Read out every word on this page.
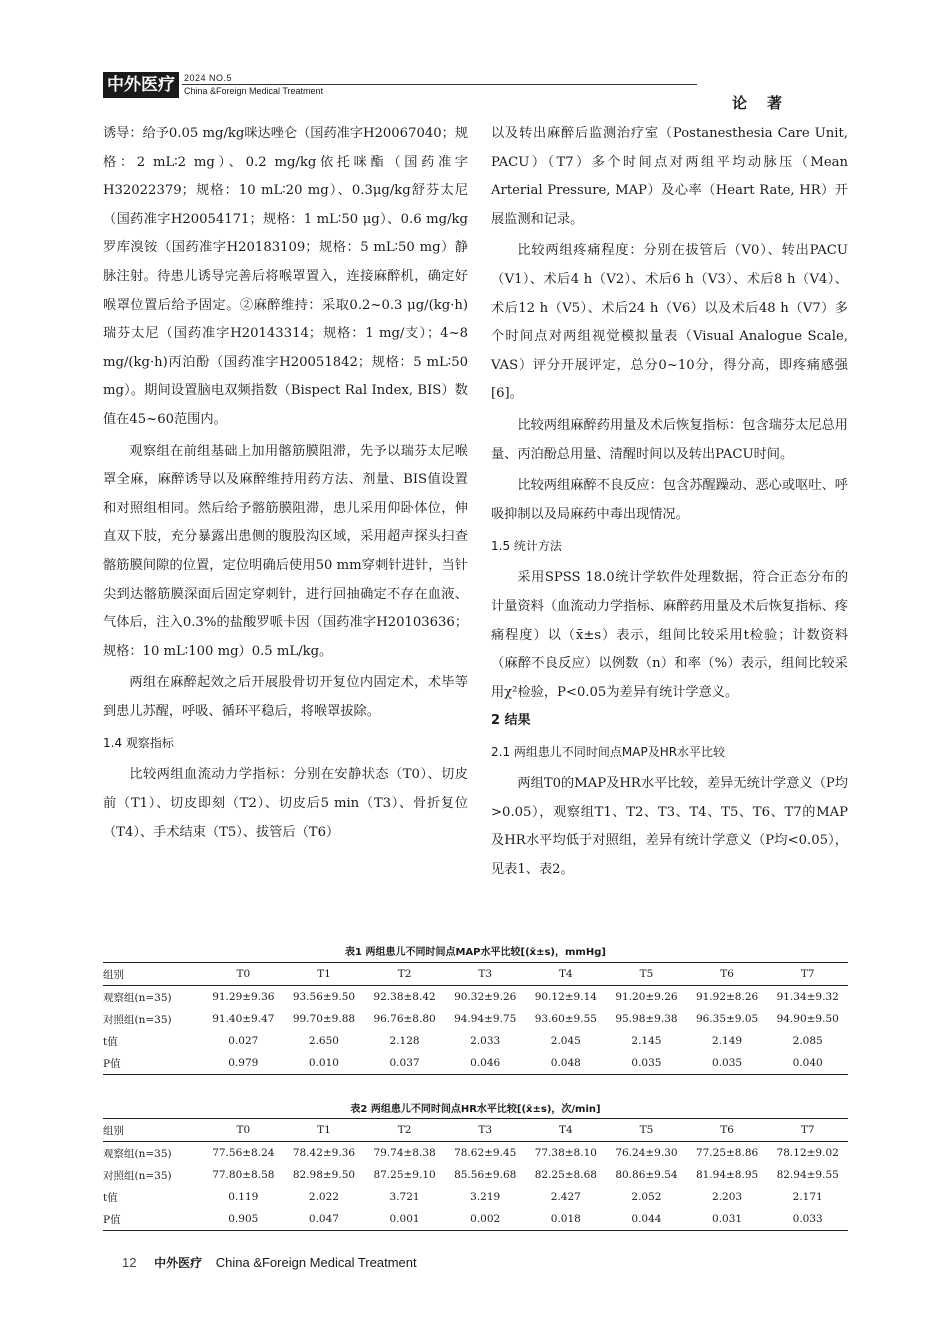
中外医疗	2024 NO.5
China &Foreign Medical Treatment
论著

诱导：给予0.05 mg/kg咪达唑仑（国药准字H20067040；规格：2 mL∶2 mg）、0.2 mg/kg依托咪酯（国药准字H32022379；规格：10 mL∶20 mg）、0.3μg/kg舒芬太尼（国药准字H20054171；规格：1 mL∶50 μg）、0.6 mg/kg罗库溴铵（国药准字H20183109；规格：5 mL∶50 mg）静脉注射。待患儿诱导完善后将喉罩置入，连接麻醉机，确定好喉罩位置后给予固定。②麻醉维持：采取0.2~0.3 μg/(kg·h)瑞芬太尼（国药准字H20143314；规格：1 mg/支）；4~8 mg/(kg·h)丙泊酚（国药准字H20051842；规格：5 mL∶50 mg）。期间设置脑电双频指数（Bispect Ral Index, BIS）数值在45~60范围内。

观察组在前组基础上加用髂筋膜阻滞，先予以瑞芬太尼喉罩全麻，麻醉诱导以及麻醉维持用药方法、剂量、BIS值设置和对照组相同。然后给予髂筋膜阻滞，患儿采用仰卧体位，伸直双下肢，充分暴露出患侧的腹股沟区域，采用超声探头扫查髂筋膜间隙的位置，定位明确后使用50 mm穿刺针进针，当针尖到达髂筋膜深面后固定穿刺针，进行回抽确定不存在血液、气体后，注入0.3%的盐酸罗哌卡因（国药准字H20103636；规格：10 mL∶100 mg）0.5 mL/kg。

两组在麻醉起效之后开展股骨切开复位内固定术，术毕等到患儿苏醒，呼吸、循环平稳后，将喉罩拔除。

1.4 观察指标

比较两组血流动力学指标：分别在安静状态（T0）、切皮前（T1）、切皮即刻（T2）、切皮后5 min（T3）、骨折复位（T4）、手术结束（T5）、拔管后（T6）

以及转出麻醉后监测治疗室（Postanesthesia Care Unit, PACU）（T7）多个时间点对两组平均动脉压（Mean Arterial Pressure, MAP）及心率（Heart Rate, HR）开展监测和记录。

比较两组疼痛程度：分别在拔管后（V0）、转出PACU（V1）、术后4 h（V2）、术后6 h（V3）、术后8 h（V4）、术后12 h（V5）、术后24 h（V6）以及术后48 h（V7）多个时间点对两组视觉模拟量表（Visual Analogue Scale, VAS）评分开展评定，总分0~10分，得分高，即疼痛感强[6]。

比较两组麻醉药用量及术后恢复指标：包含瑞芬太尼总用量、丙泊酚总用量、清醒时间以及转出PACU时间。

比较两组麻醉不良反应：包含苏醒躁动、恶心或呕吐、呼吸抑制以及局麻药中毒出现情况。

1.5 统计方法

采用SPSS 18.0统计学软件处理数据，符合正态分布的计量资料（血流动力学指标、麻醉药用量及术后恢复指标、疼痛程度）以（x̄±s）表示，组间比较采用t检验；计数资料（麻醉不良反应）以例数（n）和率（%）表示，组间比较采用χ²检验，P<0.05为差异有统计学意义。

2 结果
2.1 两组患儿不同时间点MAP及HR水平比较

两组T0的MAP及HR水平比较，差异无统计学意义（P均>0.05），观察组T1、T2、T3、T4、T5、T6、T7的MAP及HR水平均低于对照组，差异有统计学意义（P均<0.05），见表1、表2。

表1 两组患儿不同时间点MAP水平比较[(x̄±s)，mmHg]
组别	T0	T1	T2	T3	T4	T5	T6	T7
观察组(n=35)	91.29±9.36	93.56±9.50	92.38±8.42	90.32±9.26	90.12±9.14	91.20±9.26	91.92±8.26	91.34±9.32
对照组(n=35)	91.40±9.47	99.70±9.88	96.76±8.80	94.94±9.75	93.60±9.55	95.98±9.38	96.35±9.05	94.90±9.50
t值	0.027	2.650	2.128	2.033	2.045	2.145	2.149	2.085
P值	0.979	0.010	0.037	0.046	0.048	0.035	0.035	0.040
表2 两组患儿不同时间点HR水平比较[(x̄±s)，次/min]
组别	T0	T1	T2	T3	T4	T5	T6	T7
观察组(n=35)	77.56±8.24	78.42±9.36	79.74±8.38	78.62±9.45	77.38±8.10	76.24±9.30	77.25±8.86	78.12±9.02
对照组(n=35)	77.80±8.58	82.98±9.50	87.25±9.10	85.56±9.68	82.25±8.68	80.86±9.54	81.94±8.95	82.94±9.55
t值	0.119	2.022	3.721	3.219	2.427	2.052	2.203	2.171
P值	0.905	0.047	0.001	0.002	0.018	0.044	0.031	0.033
12 中外医疗 China &Foreign Medical Treatment
